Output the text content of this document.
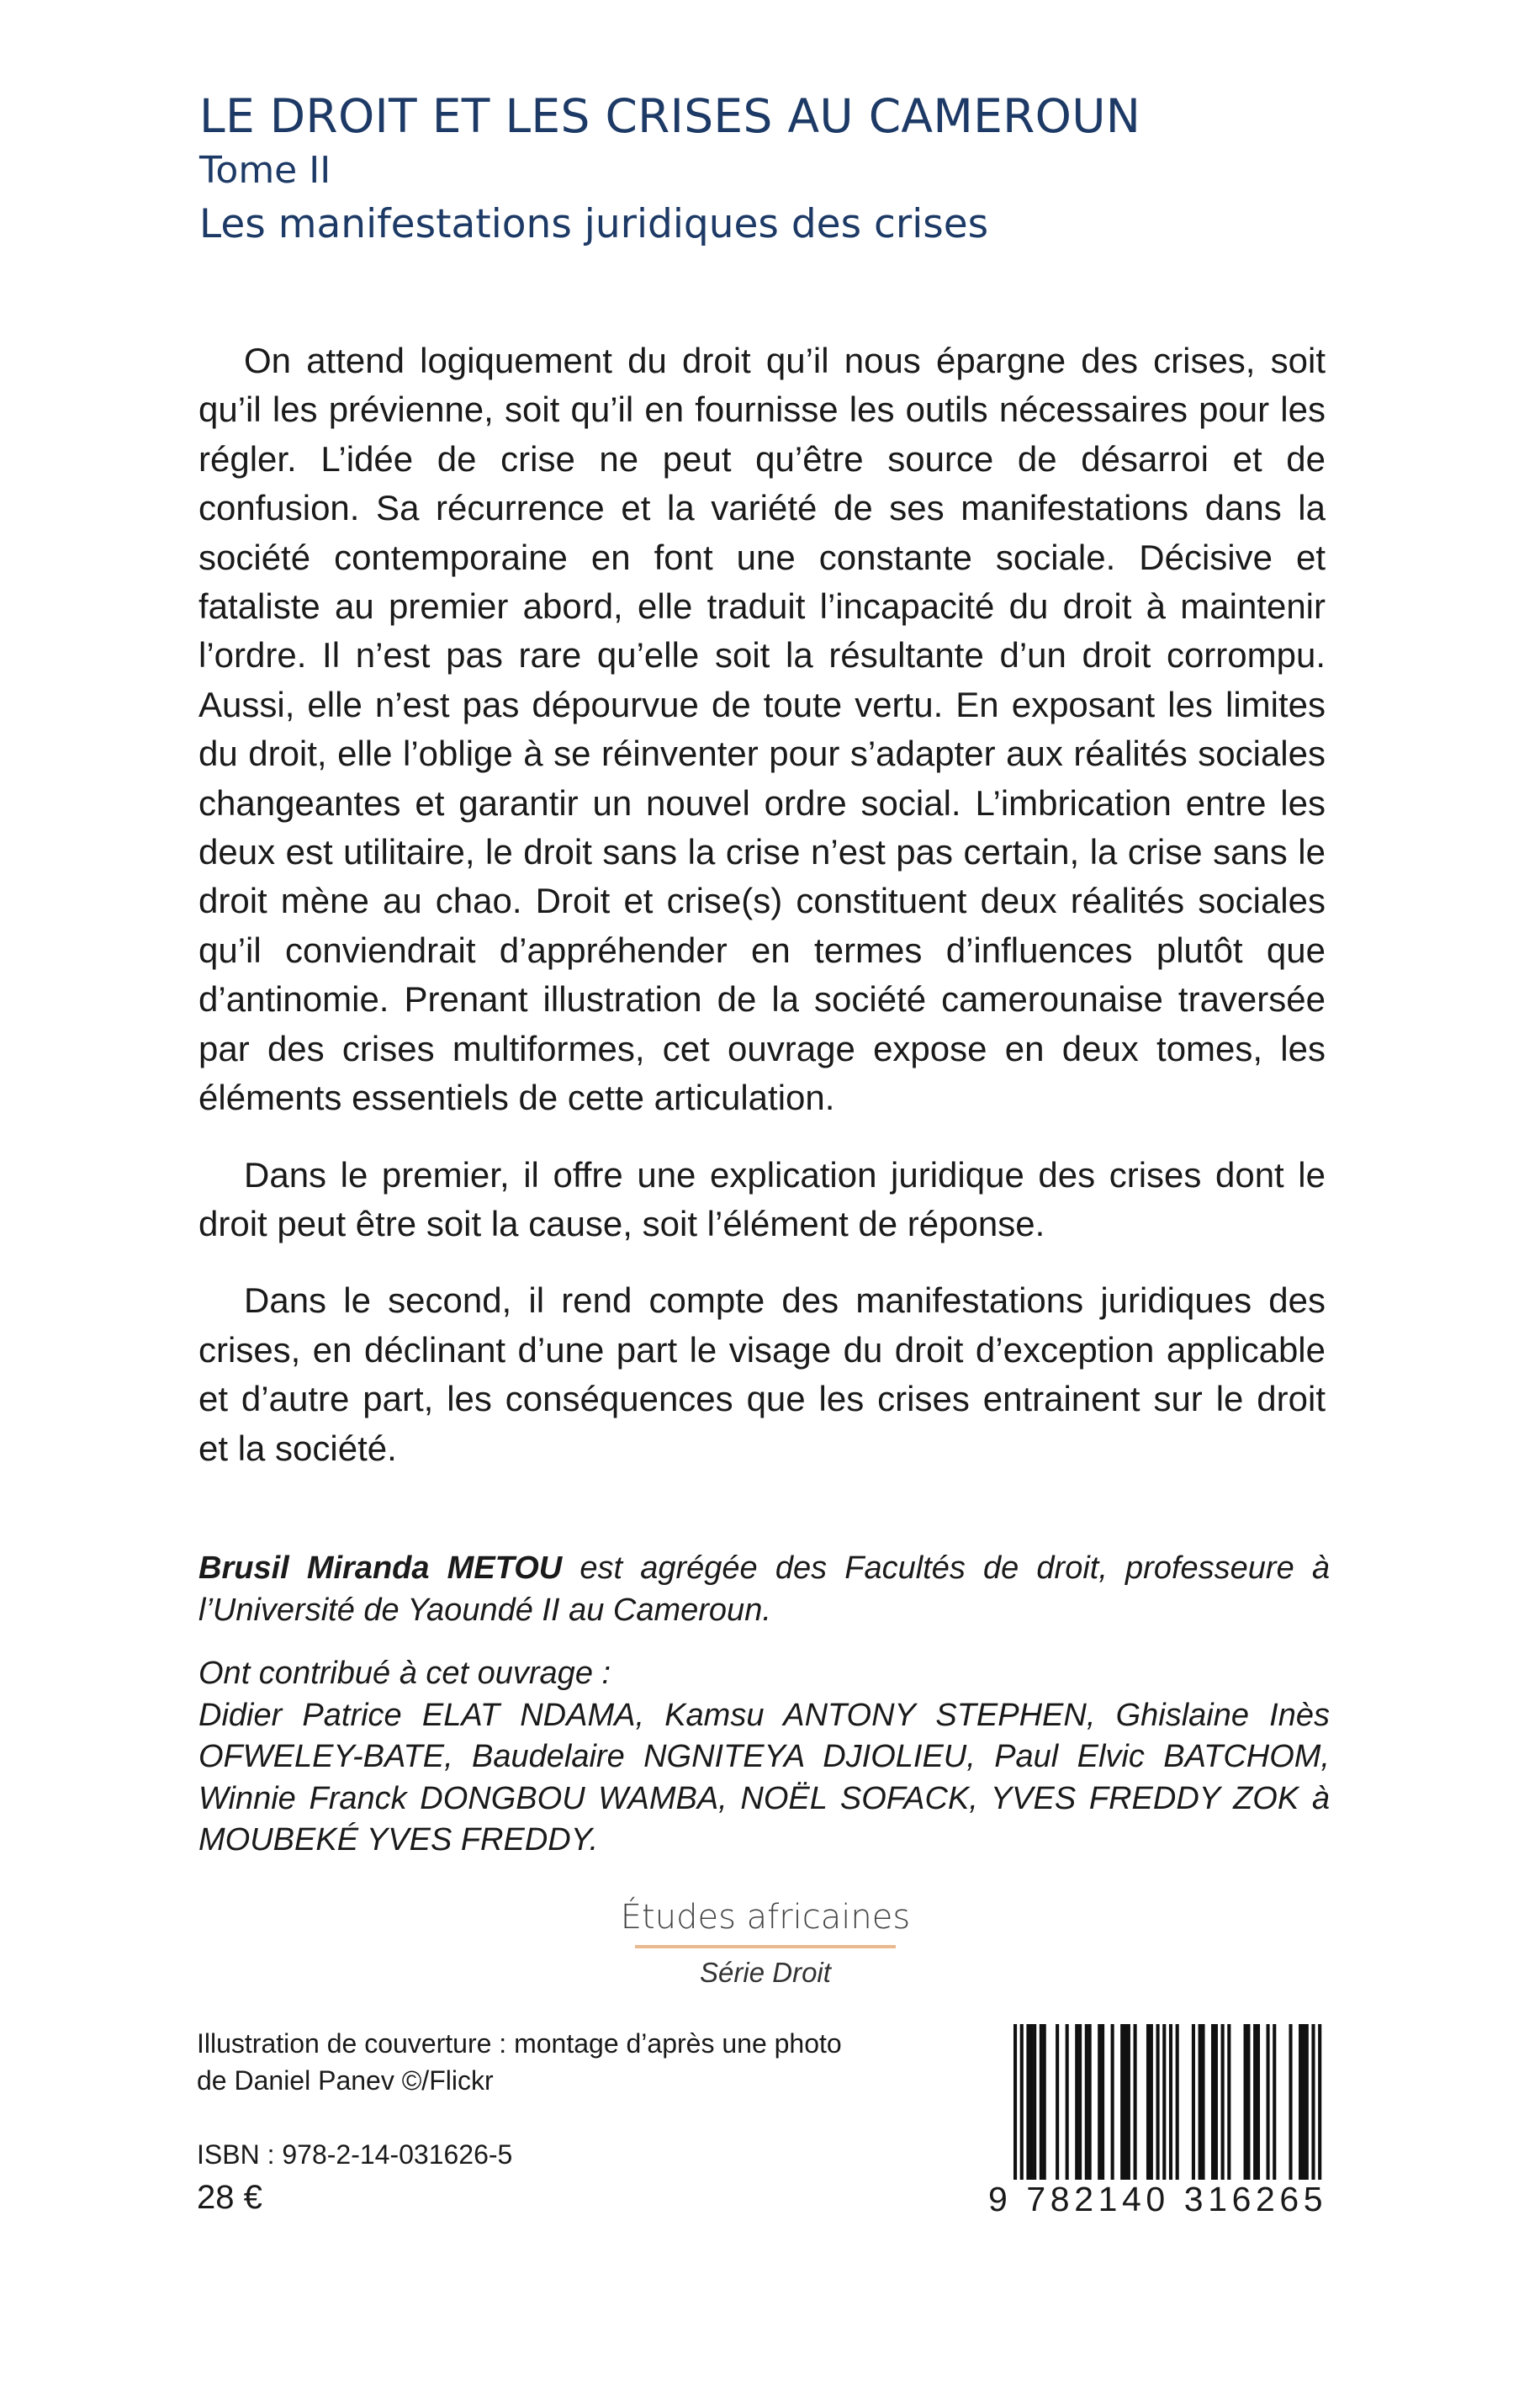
LE DROIT ET LES CRISES AU CAMEROUN
Tome II
Les manifestations juridiques des crises

On attend logiquement du droit qu’il nous épargne des crises, soit qu’il les prévienne, soit qu’il en fournisse les outils nécessaires pour les régler. L’idée de crise ne peut qu’être source de désarroi et de confusion. Sa récurrence et la variété de ses manifestations dans la société contemporaine en font une constante sociale. Décisive et fataliste au premier abord, elle traduit l’incapacité du droit à maintenir l’ordre. Il n’est pas rare qu’elle soit la résultante d’un droit corrompu. Aussi, elle n’est pas dépourvue de toute vertu. En exposant les limites du droit, elle l’oblige à se réinventer pour s’adapter aux réalités sociales changeantes et garantir un nouvel ordre social. L’imbrication entre les deux est utilitaire, le droit sans la crise n’est pas certain, la crise sans le droit mène au chao. Droit et crise(s) constituent deux réalités sociales qu’il conviendrait d’appréhender en termes d’influences plutôt que d’antinomie. Prenant illustration de la société camerounaise traversée par des crises multiformes, cet ouvrage expose en deux tomes, les éléments essentiels de cette articulation.

Dans le premier, il offre une explication juridique des crises dont le droit peut être soit la cause, soit l’élément de réponse.

Dans le second, il rend compte des manifestations juridiques des crises, en déclinant d’une part le visage du droit d’exception applicable et d’autre part, les conséquences que les crises entrainent sur le droit et la société.

Brusil Miranda METOU est agrégée des Facultés de droit, professeure à l’Université de Yaoundé II au Cameroun.

Ont contribué à cet ouvrage :
Didier Patrice ELAT NDAMA, Kamsu ANTONY STEPHEN, Ghislaine Inès OFWELEY-BATE, Baudelaire NGNITEYA DJIOLIEU, Paul Elvic BATCHOM, Winnie Franck DONGBOU WAMBA, NOËL SOFACK, YVES FREDDY ZOK à MOUBEKÉ YVES FREDDY.

Études africaines
Série Droit
Illustration de couverture : montage d’après une photo
de Daniel Panev ©/Flickr
ISBN : 978-2-14-031626-5
28 €	9 782140 316265
